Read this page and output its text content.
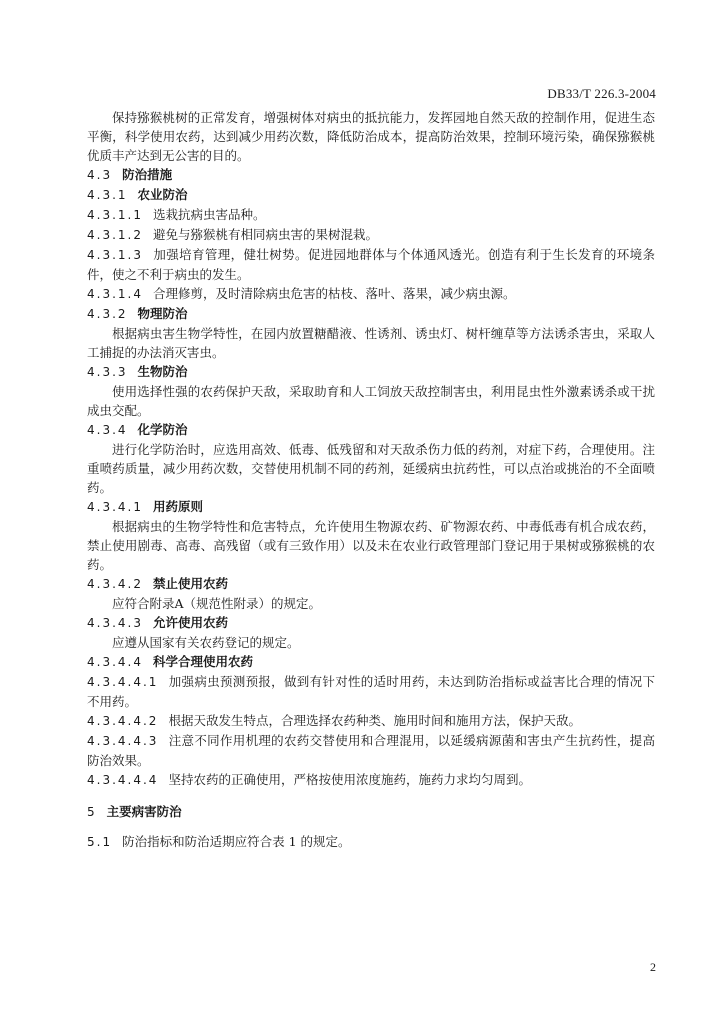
DB33/T 226.3-2004

保持猕猴桃树的正常发育，增强树体对病虫的抵抗能力，发挥园地自然天敌的控制作用，促进生态平衡，科学使用农药，达到减少用药次数，降低防治成本，提高防治效果，控制环境污染，确保猕猴桃优质丰产达到无公害的目的。

4.3 防治措施

4.3.1 农业防治

4.3.1.1 选栽抗病虫害品种。

4.3.1.2 避免与猕猴桃有相同病虫害的果树混栽。

4.3.1.3 加强培育管理，健壮树势。促进园地群体与个体通风透光。创造有利于生长发育的环境条件，使之不利于病虫的发生。

4.3.1.4 合理修剪，及时清除病虫危害的枯枝、落叶、落果，减少病虫源。

4.3.2 物理防治

根据病虫害生物学特性，在园内放置糖醋液、性诱剂、诱虫灯、树杆缠草等方法诱杀害虫，采取人工捕捉的办法消灭害虫。

4.3.3 生物防治

使用选择性强的农药保护天敌，采取助育和人工饲放天敌控制害虫，利用昆虫性外激素诱杀或干扰成虫交配。

4.3.4 化学防治

进行化学防治时，应选用高效、低毒、低残留和对天敌杀伤力低的药剂，对症下药，合理使用。注重喷药质量，减少用药次数，交替使用机制不同的药剂，延缓病虫抗药性，可以点治或挑治的不全面喷药。

4.3.4.1 用药原则

根据病虫的生物学特性和危害特点，允许使用生物源农药、矿物源农药、中毒低毒有机合成农药，禁止使用剧毒、高毒、高残留（或有三致作用）以及未在农业行政管理部门登记用于果树或猕猴桃的农药。

4.3.4.2 禁止使用农药

应符合附录A（规范性附录）的规定。

4.3.4.3 允许使用农药

应遵从国家有关农药登记的规定。

4.3.4.4 科学合理使用农药

4.3.4.4.1 加强病虫预测预报，做到有针对性的适时用药，未达到防治指标或益害比合理的情况下不用药。

4.3.4.4.2 根据天敌发生特点，合理选择农药种类、施用时间和施用方法，保护天敌。

4.3.4.4.3 注意不同作用机理的农药交替使用和合理混用，以延缓病源菌和害虫产生抗药性，提高防治效果。

4.3.4.4.4 坚持农药的正确使用，严格按使用浓度施药，施药力求均匀周到。

5 主要病害防治

5.1 防治指标和防治适期应符合表 1 的规定。

2
